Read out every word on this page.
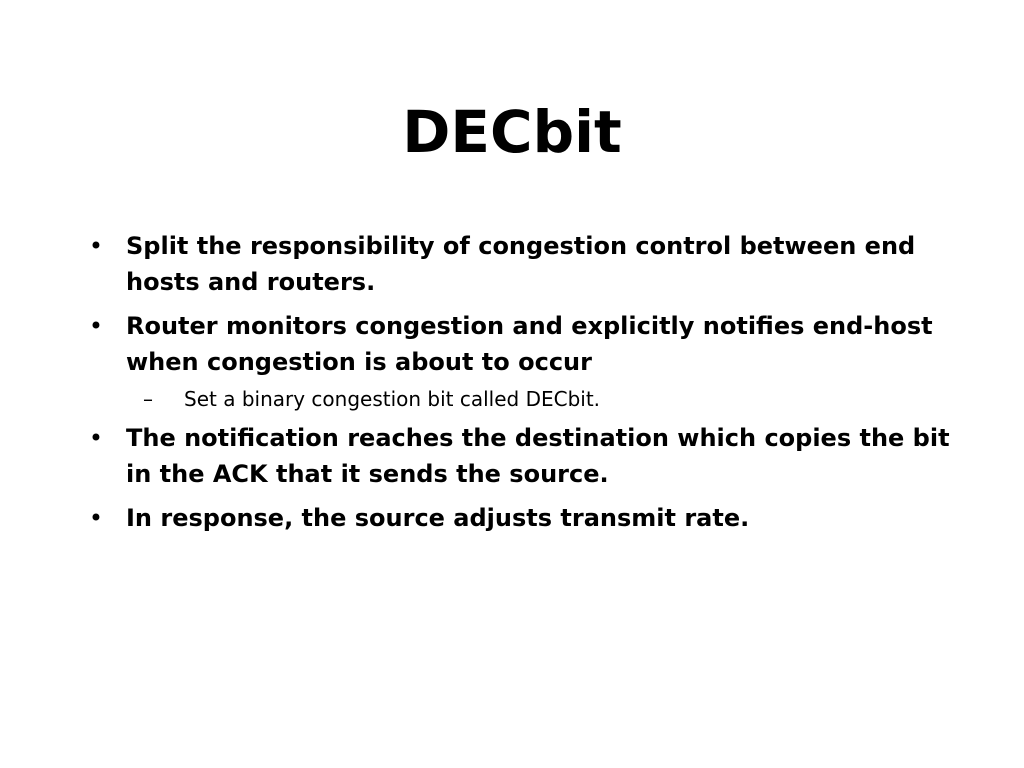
DECbit
• Split the responsibility of congestion control between end hosts and routers.
• Router monitors congestion and explicitly notifies end-host when congestion is about to occur
–	Set a binary congestion bit called DECbit.
• The notification reaches the destination which copies the bit in the ACK that it sends the source.
• In response, the source adjusts transmit rate.
